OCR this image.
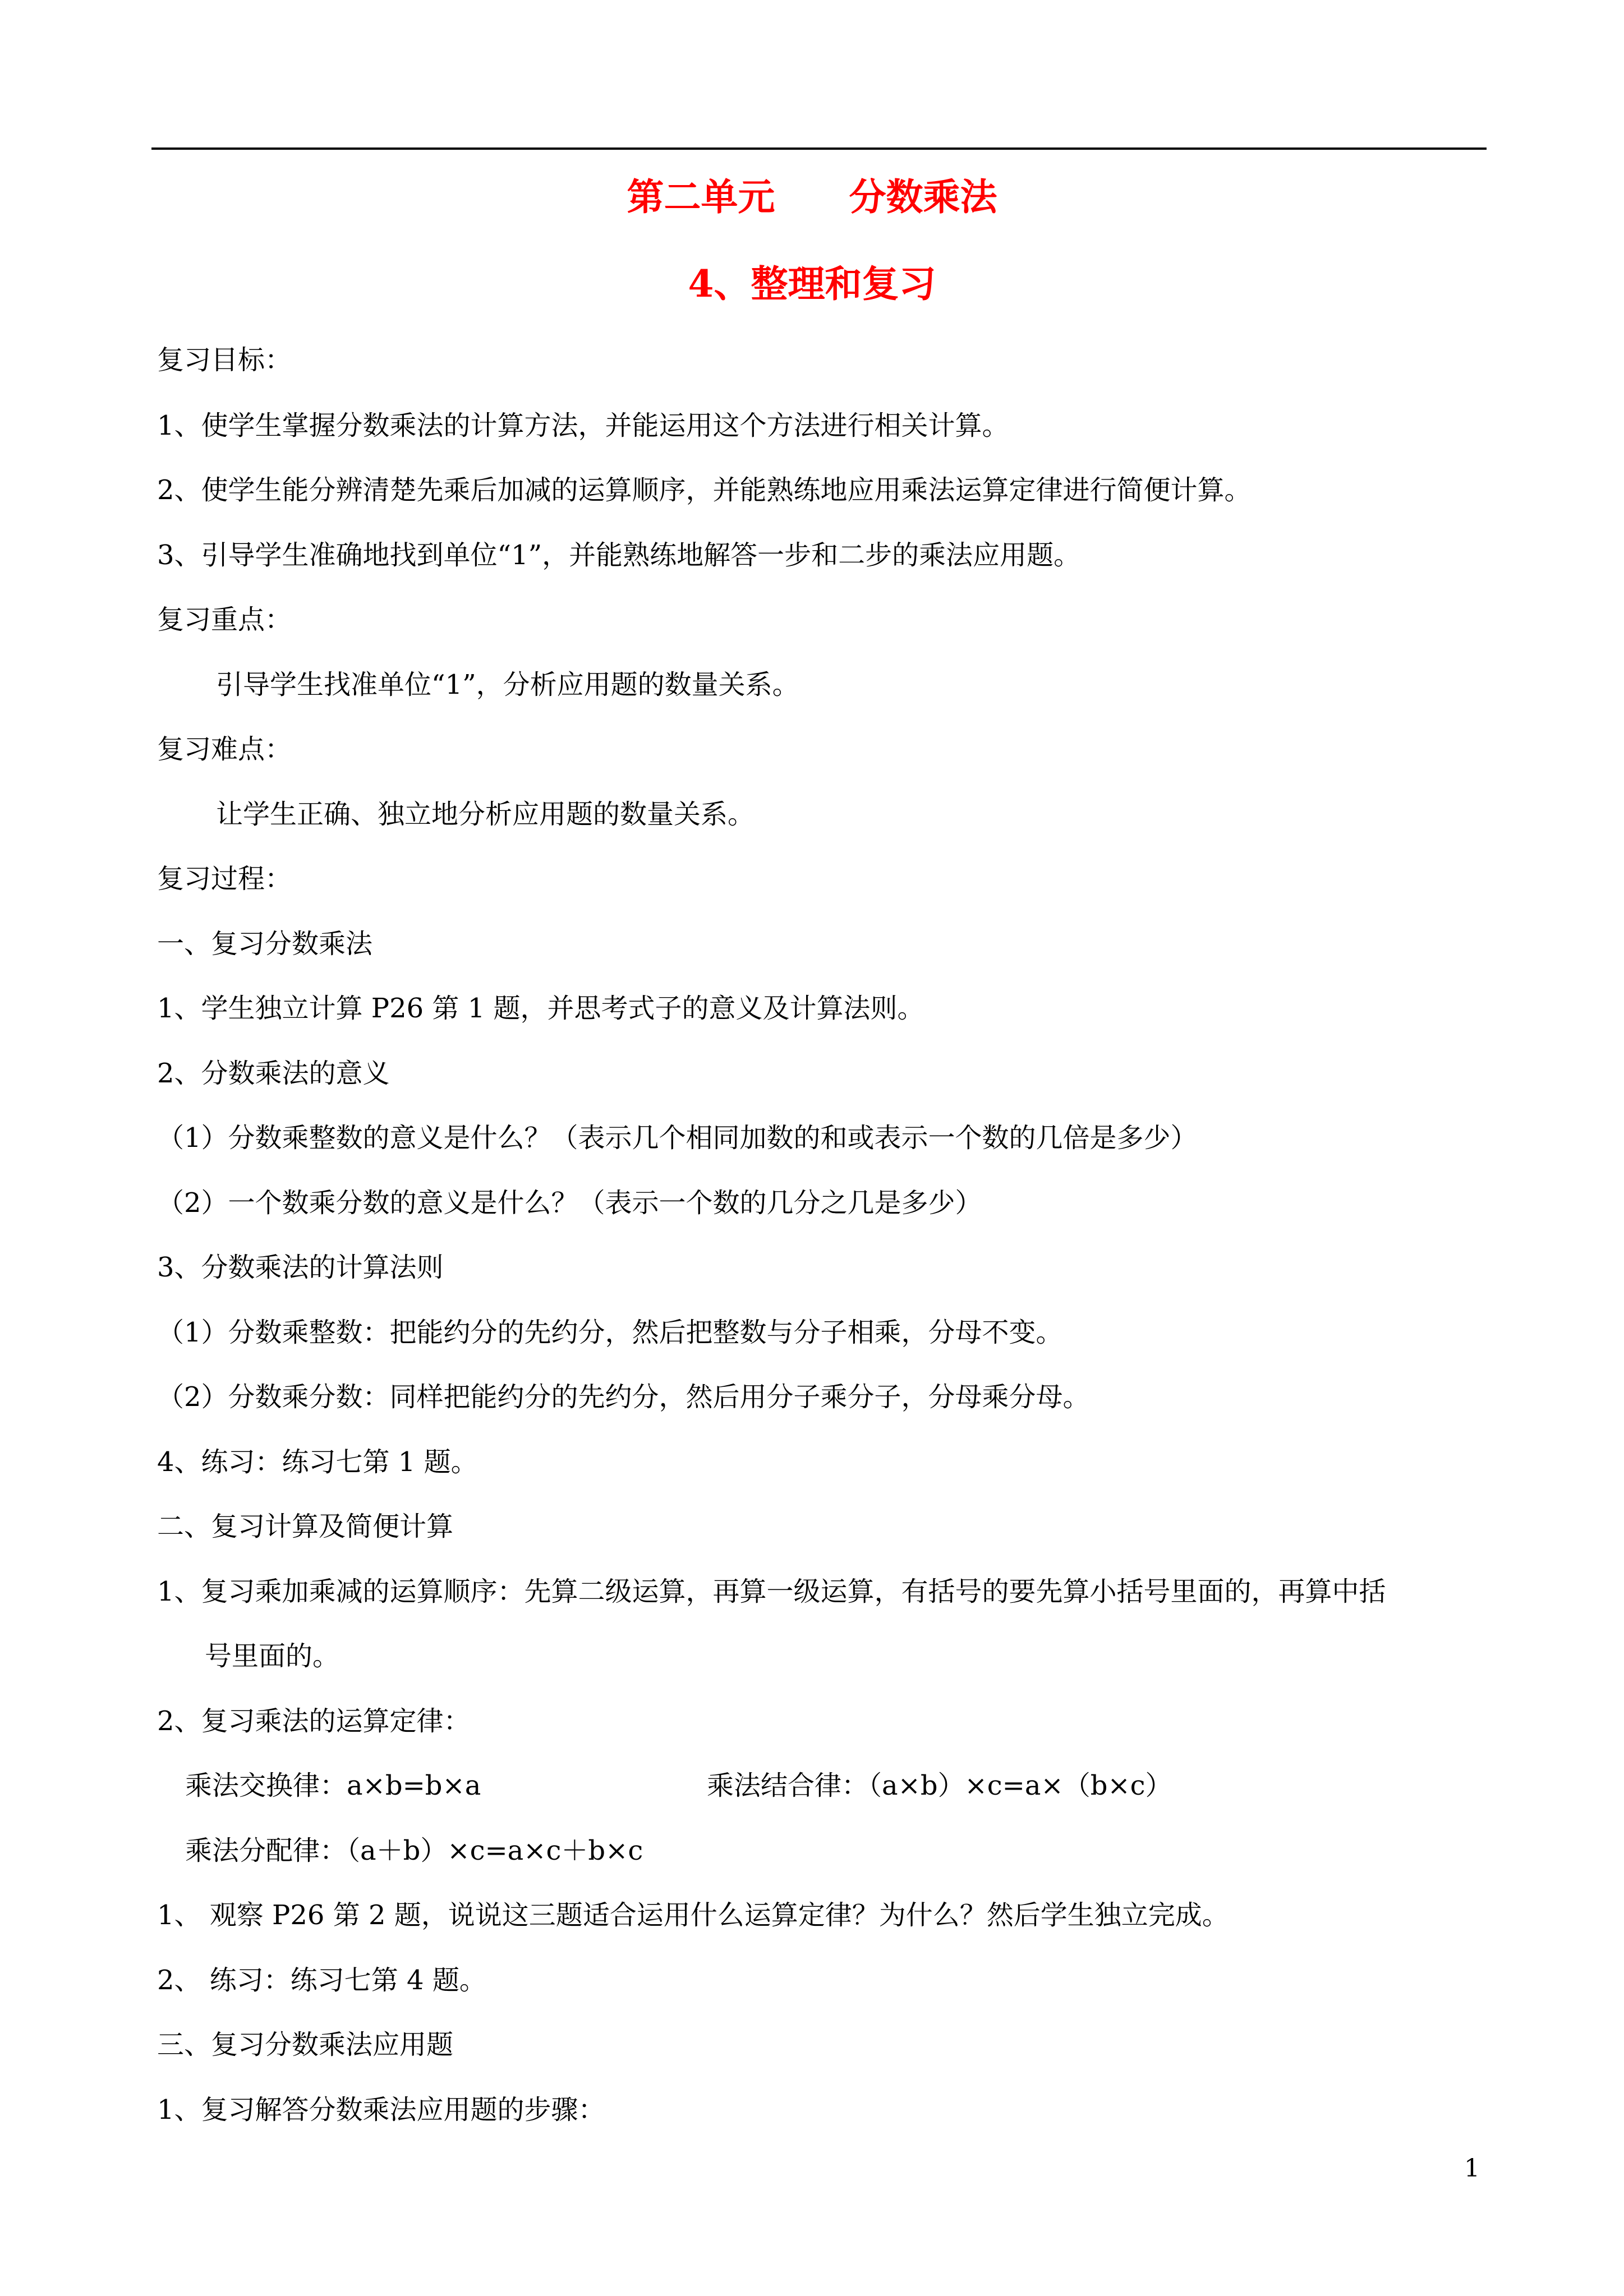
第二单元　　分数乘法
4、整理和复习
复习目标：
1、使学生掌握分数乘法的计算方法，并能运用这个方法进行相关计算。
2、使学生能分辨清楚先乘后加减的运算顺序，并能熟练地应用乘法运算定律进行简便计算。
3、引导学生准确地找到单位“1”，并能熟练地解答一步和二步的乘法应用题。
复习重点：
引导学生找准单位“1”，分析应用题的数量关系。
复习难点：
让学生正确、独立地分析应用题的数量关系。
复习过程：
一、复习分数乘法
1、学生独立计算 P26 第 1 题，并思考式子的意义及计算法则。
2、分数乘法的意义
（1）分数乘整数的意义是什么？（表示几个相同加数的和或表示一个数的几倍是多少）
（2）一个数乘分数的意义是什么？（表示一个数的几分之几是多少）
3、分数乘法的计算法则
（1）分数乘整数：把能约分的先约分，然后把整数与分子相乘，分母不变。
（2）分数乘分数：同样把能约分的先约分，然后用分子乘分子，分母乘分母。
4、练习：练习七第 1 题。
二、复习计算及简便计算
1、复习乘加乘减的运算顺序：先算二级运算，再算一级运算，有括号的要先算小括号里面的，再算中括
号里面的。
2、复习乘法的运算定律：
乘法交换律：a×b=b×a	乘法结合律：（a×b）×c=a×（b×c）
乘法分配律：（a＋b）×c=a×c＋b×c
1、 观察 P26 第 2 题，说说这三题适合运用什么运算定律？为什么？然后学生独立完成。
2、 练习：练习七第 4 题。
三、复习分数乘法应用题
1、复习解答分数乘法应用题的步骤：
1
